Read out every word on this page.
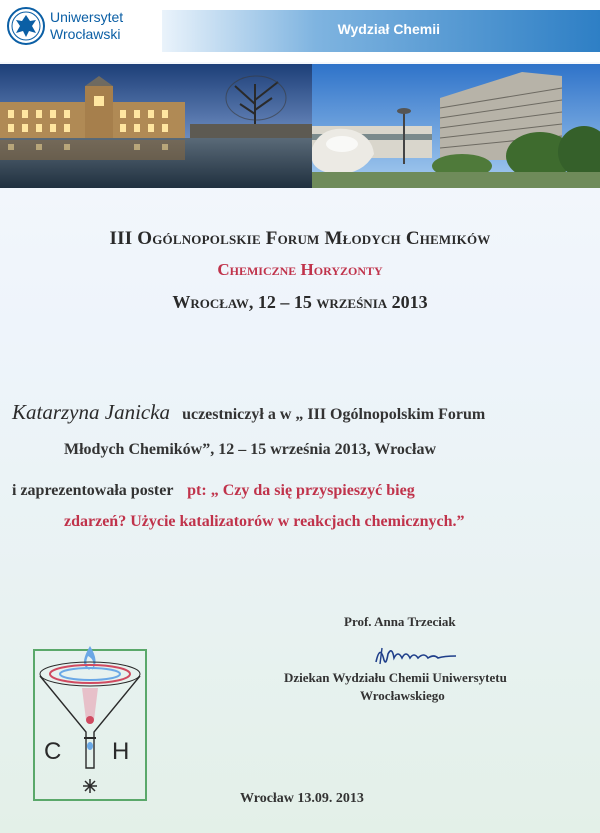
Uniwersytet
Wrocławski	Wydział Chemii
III Ogólnopolskie Forum Młodych Chemików
Chemiczne Horyzonty
Wrocław, 12 – 15 września 2013
Katarzyna Janicka uczestniczył a w „ III Ogólnopolskim Forum
Młodych Chemików”, 12 – 15 września 2013, Wrocław
i zaprezentowała poster pt: „ Czy da się przyspieszyć bieg
zdarzeń? Użycie katalizatorów w reakcjach chemicznych.”
Prof. Anna Trzeciak
Dziekan Wydziału Chemii Uniwersytetu
Wrocławskiego
Wrocław 13.09. 2013
C H
